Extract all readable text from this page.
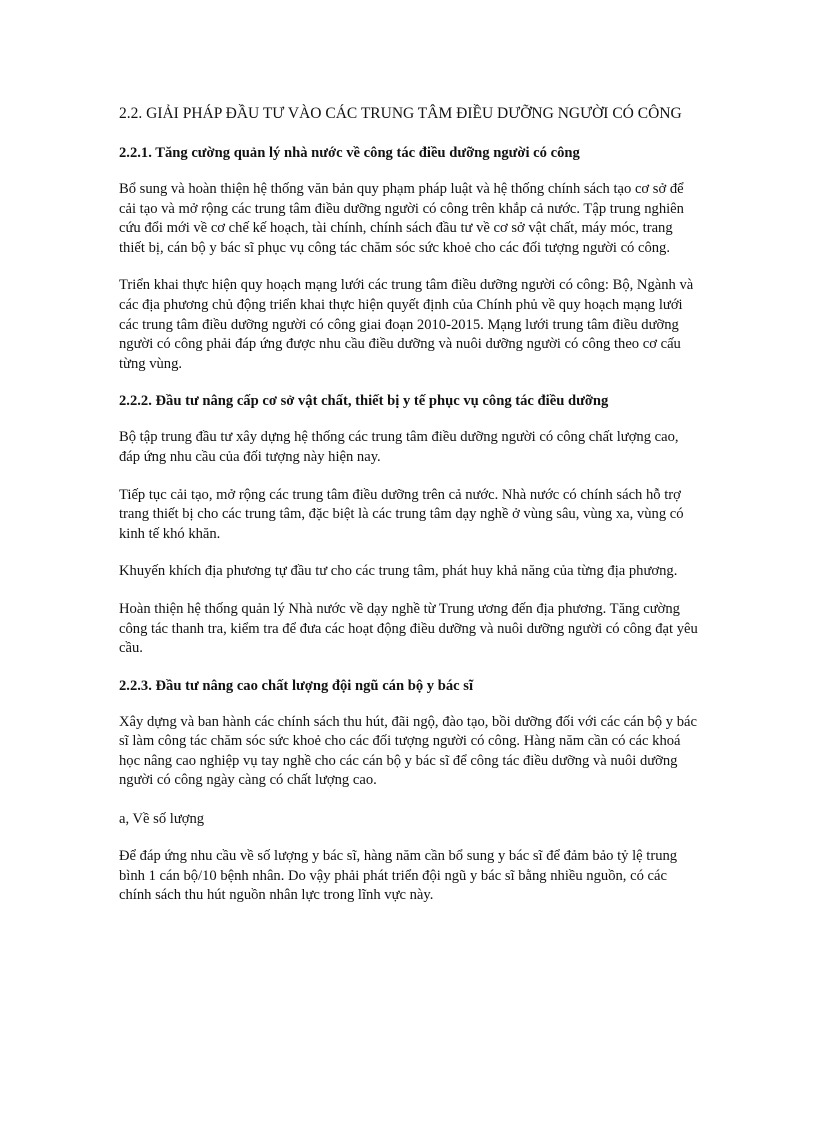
2.2. GIẢI PHÁP ĐẦU TƯ VÀO CÁC TRUNG TÂM ĐIỀU DƯỠNG NGƯỜI CÓ CÔNG
2.2.1. Tăng cường quản lý nhà nước về công tác điều dưỡng người có công
Bổ sung và hoàn thiện hệ thống văn bản quy phạm pháp luật và hệ thống chính sách tạo cơ sở để cải tạo và mở rộng các trung tâm điều dưỡng người có công trên khắp cả nước. Tập trung nghiên cứu đổi mới về cơ chế kế hoạch, tài chính, chính sách đầu tư về cơ sở vật chất, máy móc, trang thiết bị, cán bộ y bác sĩ phục vụ công tác chăm sóc sức khoẻ cho các đối tượng người có công.
Triển khai thực hiện quy hoạch mạng lưới các trung tâm điều dưỡng người có công: Bộ, Ngành và các địa phương chủ động triển khai thực hiện quyết định của Chính phủ về quy hoạch mạng lưới các trung tâm điều dưỡng người có công giai đoạn 2010-2015. Mạng lưới trung tâm điều dưỡng người có công phải đáp ứng được nhu cầu điều dưỡng và nuôi dưỡng người có công theo cơ cấu từng vùng.
2.2.2. Đầu tư nâng cấp cơ sở vật chất, thiết bị y tế phục vụ công tác điều dưỡng
Bộ tập trung đầu tư xây dựng hệ thống các trung tâm điều dưỡng người có công chất lượng cao, đáp ứng nhu cầu của đối tượng này hiện nay.
Tiếp tục cải tạo, mở rộng các trung tâm điều dưỡng trên cả nước. Nhà nước có chính sách hỗ trợ trang thiết bị cho các trung tâm, đặc biệt là các trung tâm dạy nghề ở vùng sâu, vùng xa, vùng có kinh tế khó khăn.
Khuyến khích địa phương tự đầu tư cho các trung tâm, phát huy khả năng của từng địa phương.
Hoàn thiện hệ thống quản lý Nhà nước về dạy nghề từ Trung ương đến địa phương. Tăng cường công tác thanh tra, kiểm tra để đưa các hoạt động điều dưỡng và nuôi dưỡng người có công đạt yêu cầu.
2.2.3. Đầu tư nâng cao chất lượng đội ngũ cán bộ y bác sĩ
Xây dựng và ban hành các chính sách thu hút, đãi ngộ, đào tạo, bồi dưỡng đối với các cán bộ y bác sĩ làm công tác chăm sóc sức khoẻ cho các đối tượng người có công. Hàng năm cần có các khoá học nâng cao nghiệp vụ tay nghề cho các cán bộ y bác sĩ để công tác điều dưỡng và nuôi dưỡng người có công ngày càng có chất lượng cao.
a, Về số lượng
Để đáp ứng nhu cầu về số lượng y bác sĩ, hàng năm cần bổ sung y bác sĩ để đảm bảo tỷ lệ trung bình 1 cán bộ/10 bệnh nhân. Do vậy phải phát triển đội ngũ y bác sĩ bằng nhiều nguồn, có các chính sách thu hút nguồn nhân lực trong lĩnh vực này.
